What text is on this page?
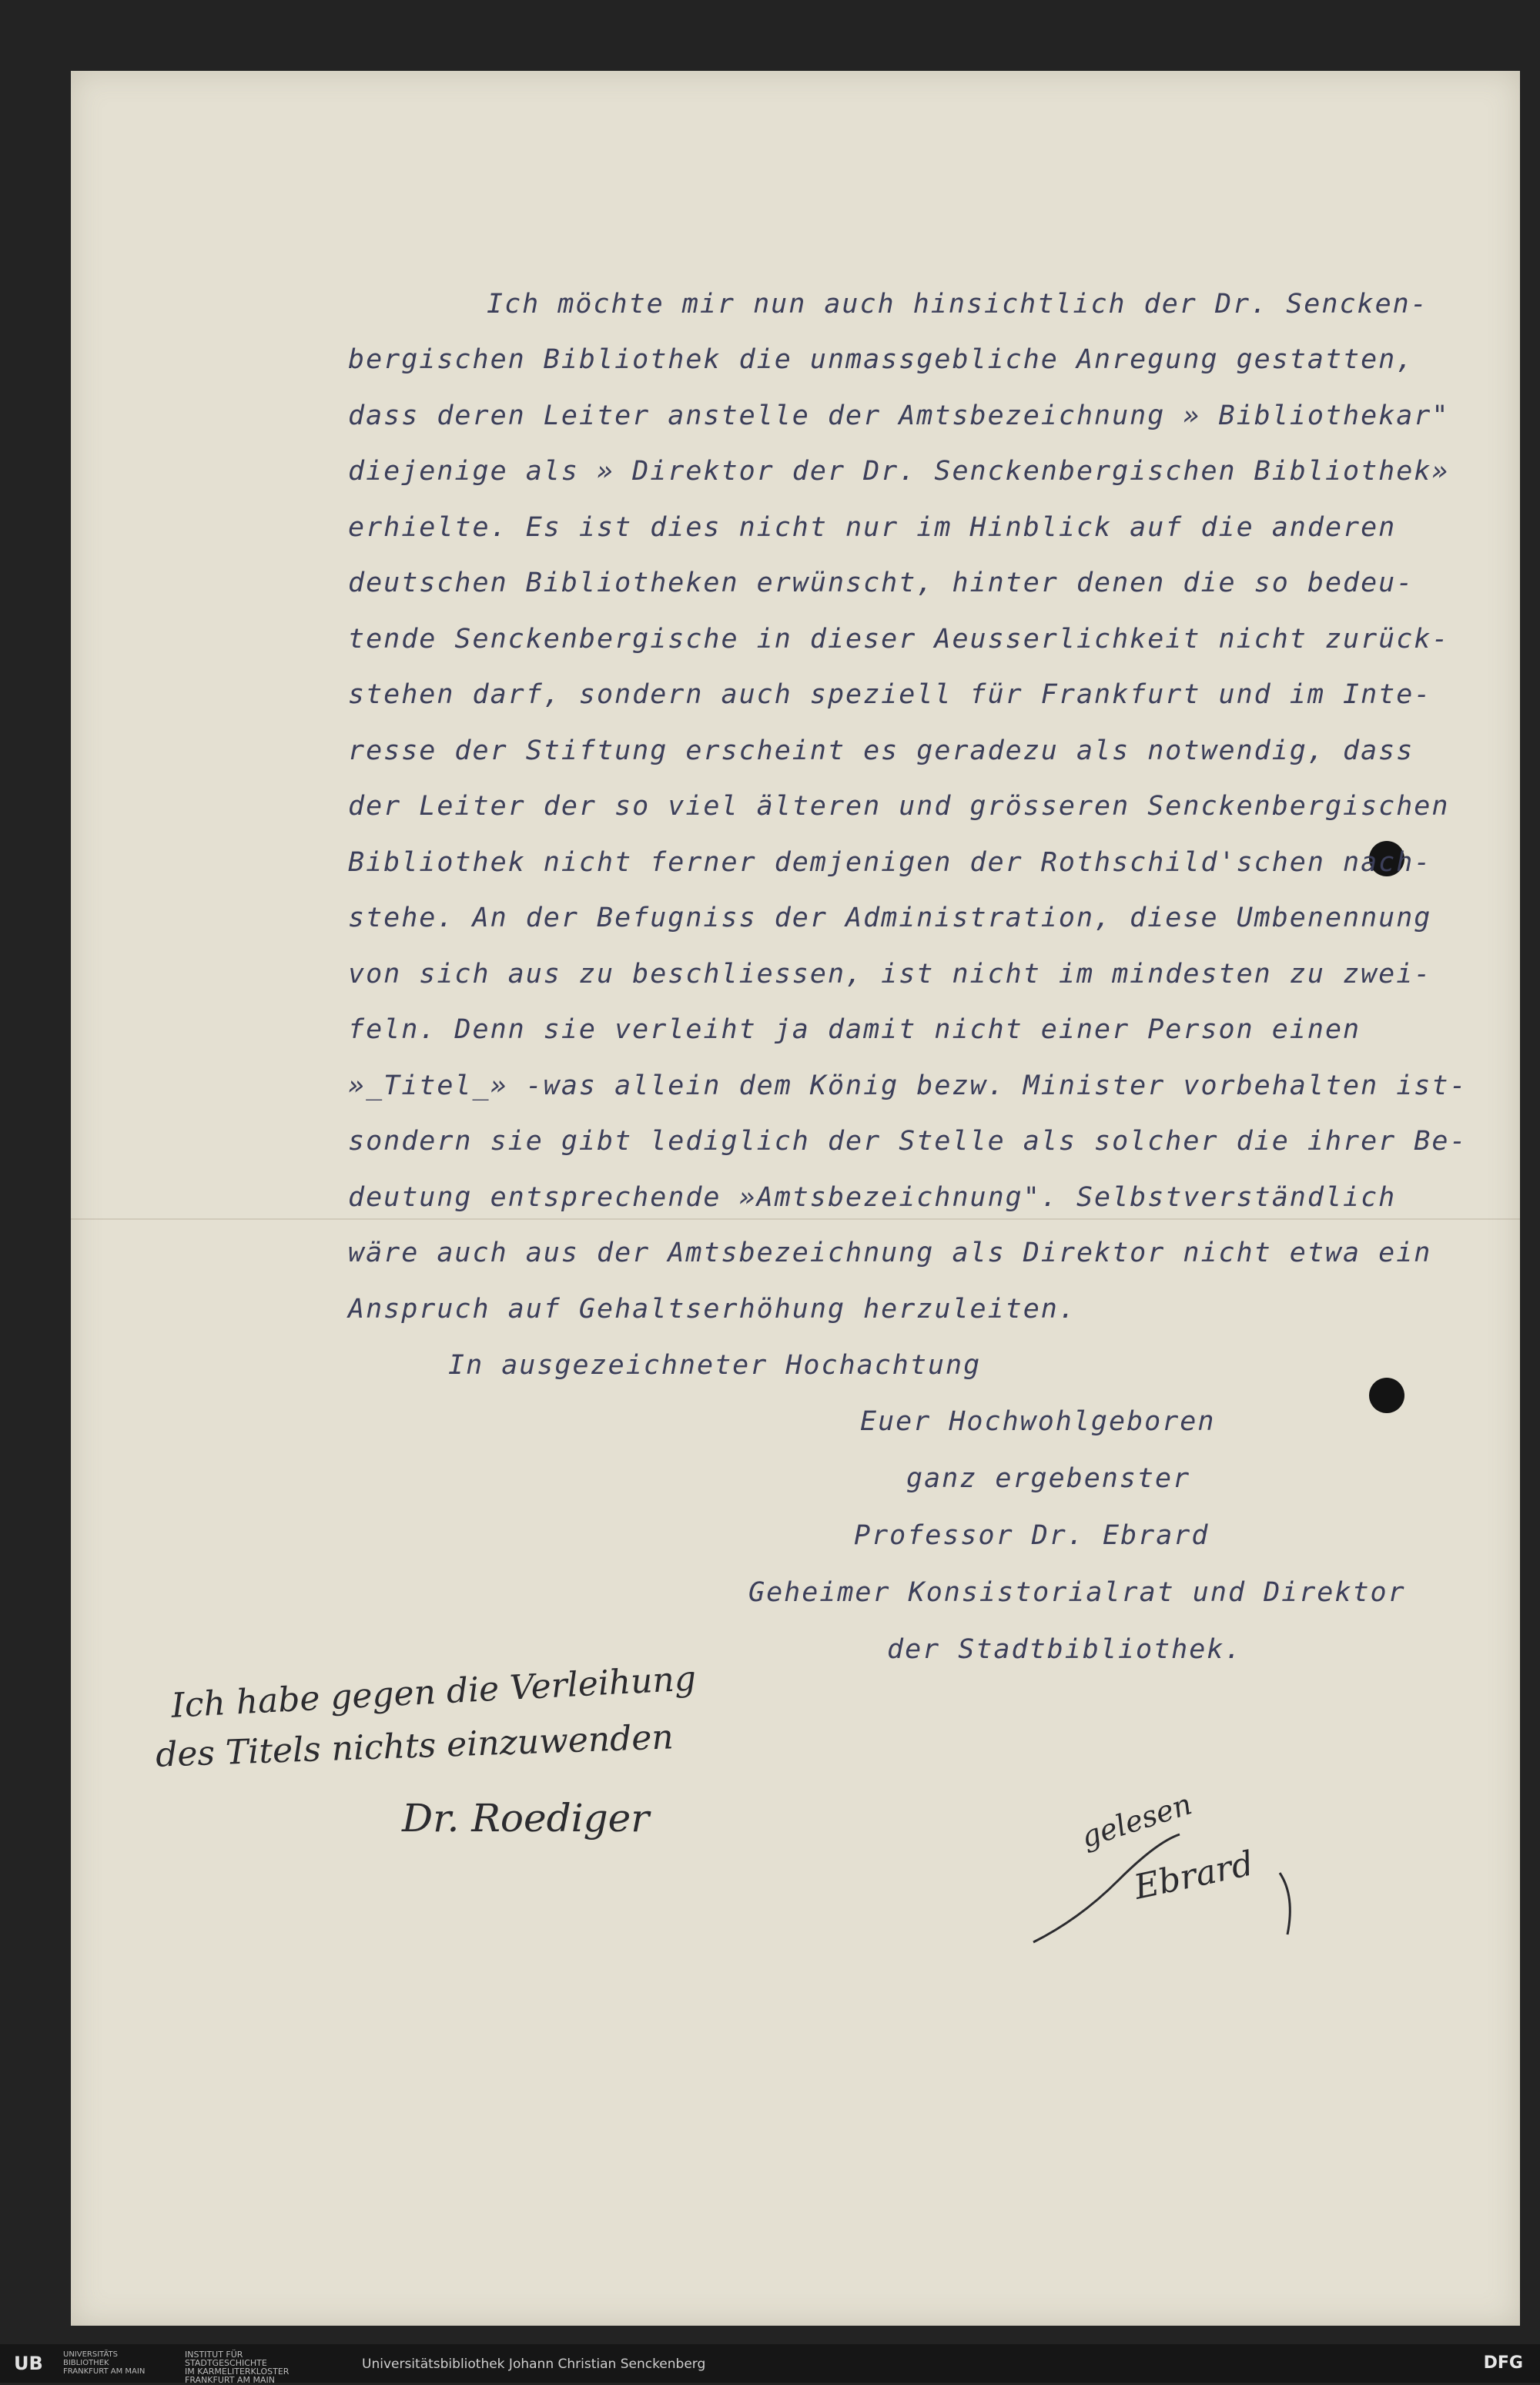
Ich möchte mir nun auch hinsichtlich der Dr. Sencken-

bergischen Bibliothek die unmassgebliche Anregung gestatten,

dass deren Leiter anstelle der Amtsbezeichnung » Bibliothekar"

diejenige als » Direktor der Dr. Senckenbergischen Bibliothek»

erhielte. Es ist dies nicht nur im Hinblick auf die anderen

deutschen Bibliotheken erwünscht, hinter denen die so bedeu-

tende Senckenbergische in dieser Aeusserlichkeit nicht zurück-

stehen darf, sondern auch speziell für Frankfurt und im Inte-

resse der Stiftung erscheint es geradezu als notwendig, dass

der Leiter der so viel älteren und grösseren Senckenbergischen

Bibliothek nicht ferner demjenigen der Rothschild'schen nach-

stehe. An der Befugniss der Administration, diese Umbenennung

von sich aus zu beschliessen, ist nicht im mindesten zu zwei-

feln. Denn sie verleiht ja damit nicht einer Person einen

»_Titel_» -was allein dem König bezw. Minister vorbehalten ist-

sondern sie gibt lediglich der Stelle als solcher die ihrer Be-

deutung entsprechende »Amtsbezeichnung". Selbstverständlich

wäre auch aus der Amtsbezeichnung als Direktor nicht etwa ein

Anspruch auf Gehaltserhöhung herzuleiten.

In ausgezeichneter Hochachtung

Euer Hochwohlgeboren

ganz ergebenster

Professor Dr. Ebrard

Geheimer Konsistorialrat und Direktor

der Stadtbibliothek.

Ich habe gegen die Verleihung
des Titels nichts einzuwenden
Dr. Roediger	gelesen
Ebrard
UB	UNIVERSITÄTS
BIBLIOTHEK
FRANKFURT AM MAIN
INSTITUT FÜR
STADTGESCHICHTE
IM KARMELITERKLOSTER
FRANKFURT AM MAIN
Universitätsbibliothek Johann Christian Senckenberg	DFG
